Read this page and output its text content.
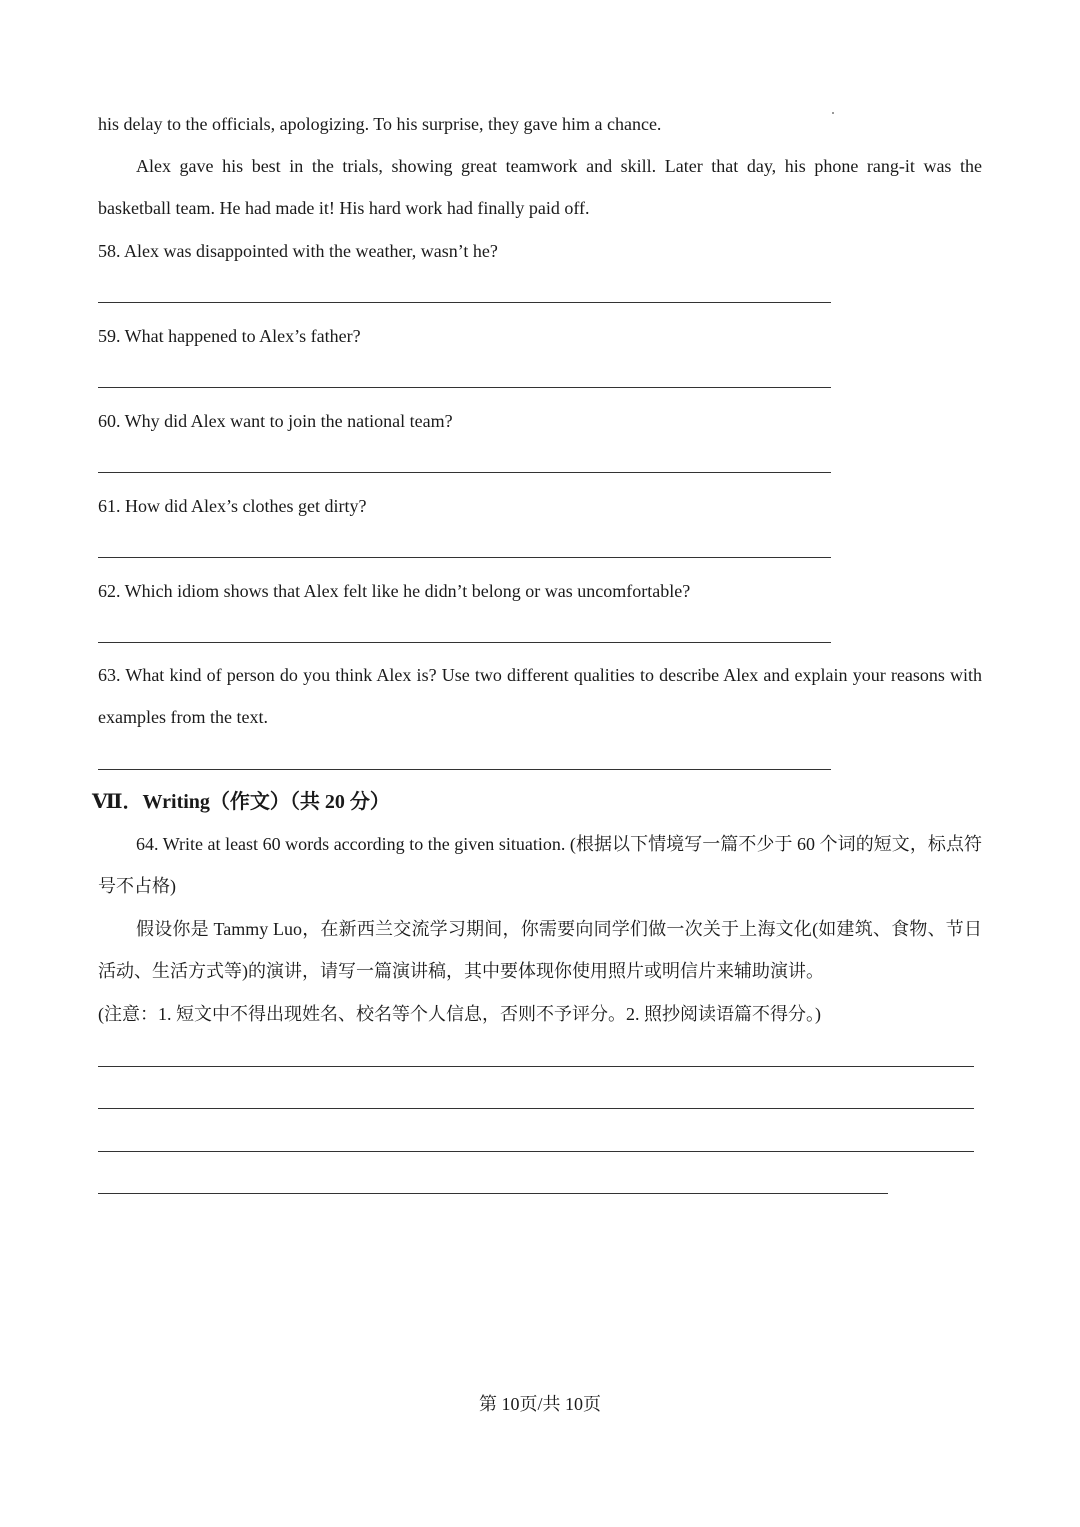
his delay to the officials, apologizing. To his surprise, they gave him a chance.
Alex gave his best in the trials, showing great teamwork and skill. Later that day, his phone rang-it was the basketball team. He had made it! His hard work had finally paid off.
58. Alex was disappointed with the weather, wasn’t he?
59. What happened to Alex’s father?
60. Why did Alex want to join the national team?
61. How did Alex’s clothes get dirty?
62. Which idiom shows that Alex felt like he didn’t belong or was uncomfortable?
63. What kind of person do you think Alex is? Use two different qualities to describe Alex and explain your reasons with examples from the text.
Ⅶ．Writing（作文）（共 20 分）
64. Write at least 60 words according to the given situation. (根据以下情境写一篇不少于 60 个词的短文，标点符号不占格)
假设你是 Tammy Luo，在新西兰交流学习期间，你需要向同学们做一次关于上海文化(如建筑、食物、节日活动、生活方式等)的演讲，请写一篇演讲稿，其中要体现你使用照片或明信片来辅助演讲。
(注意：1. 短文中不得出现姓名、校名等个人信息，否则不予评分。2. 照抄阅读语篇不得分。)
第 10页/共 10页
